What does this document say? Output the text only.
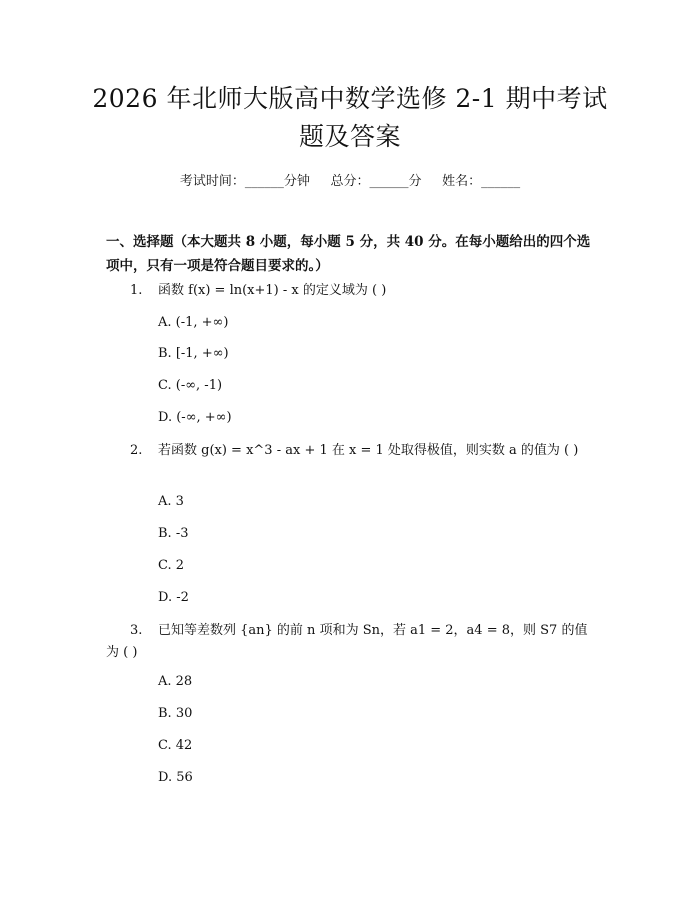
2026 年北师大版高中数学选修 2-1 期中考试
题及答案
考试时间：______分钟     总分：______分     姓名：______
一、选择题（本大题共 8 小题，每小题 5 分，共 40 分。在每小题给出的四个选项中，只有一项是符合题目要求的。）
1. 函数 f(x) = ln(x+1) - x 的定义域为 ( )
A. (-1, +∞)
B. [-1, +∞)
C. (-∞, -1)
D. (-∞, +∞)
2. 若函数 g(x) = x^3 - ax + 1 在 x = 1 处取得极值，则实数 a 的值为 ( )
A. 3
B. -3
C. 2
D. -2
3. 已知等差数列 {an} 的前 n 项和为 Sn，若 a1 = 2，a4 = 8，则 S7 的值为 ( )
A. 28
B. 30
C. 42
D. 56
